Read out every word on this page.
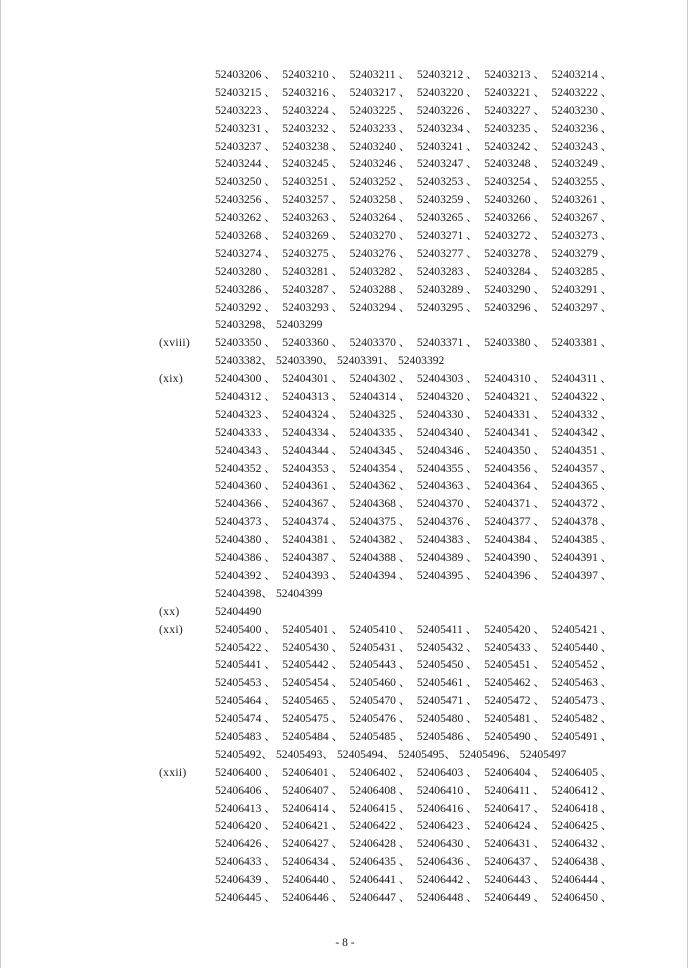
52403206 、 52403210 、 52403211 、 52403212 、 52403213 、 52403214 、
52403215 、 52403216 、 52403217 、 52403220 、 52403221 、 52403222 、
52403223 、 52403224 、 52403225 、 52403226 、 52403227 、 52403230 、
52403231 、 52403232 、 52403233 、 52403234 、 52403235 、 52403236 、
52403237 、 52403238 、 52403240 、 52403241 、 52403242 、 52403243 、
52403244 、 52403245 、 52403246 、 52403247 、 52403248 、 52403249 、
52403250 、 52403251 、 52403252 、 52403253 、 52403254 、 52403255 、
52403256 、 52403257 、 52403258 、 52403259 、 52403260 、 52403261 、
52403262 、 52403263 、 52403264 、 52403265 、 52403266 、 52403267 、
52403268 、 52403269 、 52403270 、 52403271 、 52403272 、 52403273 、
52403274 、 52403275 、 52403276 、 52403277 、 52403278 、 52403279 、
52403280 、 52403281 、 52403282 、 52403283 、 52403284 、 52403285 、
52403286 、 52403287 、 52403288 、 52403289 、 52403290 、 52403291 、
52403292 、 52403293 、 52403294 、 52403295 、 52403296 、 52403297 、
52403298、 52403299
(xviii)	52403350 、 52403360 、 52403370 、 52403371 、 52403380 、 52403381 、
52403382、 52403390、 52403391、 52403392
(xix)	52404300 、 52404301 、 52404302 、 52404303 、 52404310 、 52404311 、
52404312 、 52404313 、 52404314 、 52404320 、 52404321 、 52404322 、
52404323 、 52404324 、 52404325 、 52404330 、 52404331 、 52404332 、
52404333 、 52404334 、 52404335 、 52404340 、 52404341 、 52404342 、
52404343 、 52404344 、 52404345 、 52404346 、 52404350 、 52404351 、
52404352 、 52404353 、 52404354 、 52404355 、 52404356 、 52404357 、
52404360 、 52404361 、 52404362 、 52404363 、 52404364 、 52404365 、
52404366 、 52404367 、 52404368 、 52404370 、 52404371 、 52404372 、
52404373 、 52404374 、 52404375 、 52404376 、 52404377 、 52404378 、
52404380 、 52404381 、 52404382 、 52404383 、 52404384 、 52404385 、
52404386 、 52404387 、 52404388 、 52404389 、 52404390 、 52404391 、
52404392 、 52404393 、 52404394 、 52404395 、 52404396 、 52404397 、
52404398、 52404399
(xx)	52404490
(xxi)	52405400 、 52405401 、 52405410 、 52405411 、 52405420 、 52405421 、
52405422 、 52405430 、 52405431 、 52405432 、 52405433 、 52405440 、
52405441 、 52405442 、 52405443 、 52405450 、 52405451 、 52405452 、
52405453 、 52405454 、 52405460 、 52405461 、 52405462 、 52405463 、
52405464 、 52405465 、 52405470 、 52405471 、 52405472 、 52405473 、
52405474 、 52405475 、 52405476 、 52405480 、 52405481 、 52405482 、
52405483 、 52405484 、 52405485 、 52405486 、 52405490 、 52405491 、
52405492、 52405493、 52405494、 52405495、 52405496、 52405497
(xxii)	52406400 、 52406401 、 52406402 、 52406403 、 52406404 、 52406405 、
52406406 、 52406407 、 52406408 、 52406410 、 52406411 、 52406412 、
52406413 、 52406414 、 52406415 、 52406416 、 52406417 、 52406418 、
52406420 、 52406421 、 52406422 、 52406423 、 52406424 、 52406425 、
52406426 、 52406427 、 52406428 、 52406430 、 52406431 、 52406432 、
52406433 、 52406434 、 52406435 、 52406436 、 52406437 、 52406438 、
52406439 、 52406440 、 52406441 、 52406442 、 52406443 、 52406444 、
52406445 、 52406446 、 52406447 、 52406448 、 52406449 、 52406450 、
- 8 -
